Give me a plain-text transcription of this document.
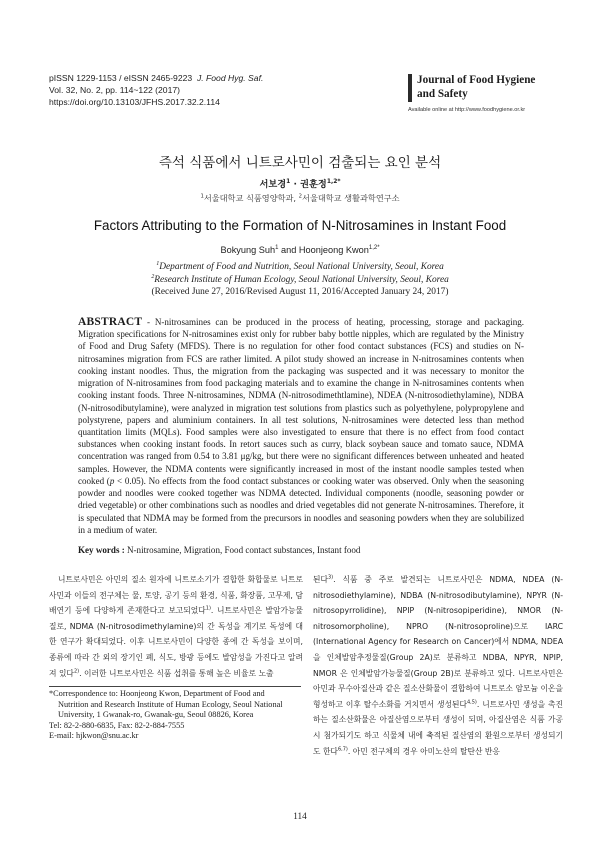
pISSN 1229-1153 / eISSN 2465-9223 J. Food Hyg. Saf.
Vol. 32, No. 2, pp. 114~122 (2017)
https://doi.org/10.13103/JFHS.2017.32.2.114
Journal of Food Hygiene
and Safety
Available online at http://www.foodhygiene.or.kr
즉석 식품에서 니트로사민이 검출되는 요인 분석
서보경$^1$ · 권훈정$^{1,2*}$
$^1$서울대학교 식품영양학과, $^2$서울대학교 생활과학연구소
Factors Attributing to the Formation of N-Nitrosamines in Instant Food
Bokyung Suh$^1$ and Hoonjeong Kwon$^{1,2*}$
$^1$Department of Food and Nutrition, Seoul National University, Seoul, Korea
$^2$Research Institute of Human Ecology, Seoul National University, Seoul, Korea
(Received June 27, 2016/Revised August 11, 2016/Accepted January 24, 2017)
ABSTRACT - N-nitrosamines can be produced in the process of heating, processing, storage and packaging. Migration specifications for N-nitrosamines exist only for rubber baby bottle nipples, which are regulated by the Ministry of Food and Drug Safety (MFDS). There is no regulation for other food contact substances (FCS) and studies on N-nitrosamines migration from FCS are rather limited. A pilot study showed an increase in N-nitrosamines contents when cooking instant noodles. Thus, the migration from the packaging was suspected and it was necessary to monitor the migration of N-nitrosamines from food packaging materials and to examine the change in N-nitrosamines contents when cooking instant foods. Three N-nitrosamines, NDMA (N-nitrosodimethtlamine), NDEA (N-nitrosodiethylamine), NDBA (N-nitrosodibutylamine), were analyzed in migration test solutions from plastics such as polyethylene, polypropylene and polystyrene, papers and aluminium containers. In all test solutions, N-nitrosamines were detected less than method quantitation limits (MQLs). Food samples were also investigated to ensure that there is no effect from food contact substances when cooking instant foods. In retort sauces such as curry, black soybean sauce and tomato sauce, NDMA concentration was ranged from 0.54 to 3.81 μg/kg, but there were no significant differences between unheated and heated samples. However, the NDMA contents were significantly increased in most of the instant noodle samples tested when cooked (p < 0.05). No effects from the food contact substances or cooking water was observed. Only when the seasoning powder and noodles were cooked together was NDMA detected. Individual components (noodle, seasoning powder or dried vegetable) or other combinations such as noodles and dried vegetables did not generate N-nitrosamines. Therefore, it is speculated that NDMA may be formed from the precursors in noodles and seasoning powders when they are solubilized in a medium of water.
Key words : N-nitrosamine, Migration, Food contact substances, Instant food
니트로사민은 아민의 질소 원자에 니트로소기가 결합한 화합물로 니트로사민과 이들의 전구체는 물, 토양, 공기 등의 환경, 식품, 화장품, 고무제, 담배연기 등에 다양하게 존재한다고 보고되었다$^{1)}$. 니트로사민은 발암가능물질로, NDMA (N-nitrosodimethylamine)의 간 독성을 계기로 독성에 대한 연구가 확대되었다. 이후 니트로사민이 다양한 종에 간 독성을 보이며, 종류에 따라 간 외의 장기인 폐, 식도, 방광 등에도 발암성을 가진다고 알려져 있다$^{2)}$. 이러한 니트로사민은 식품 섭취를 통해 높은 비율로 노출
된다$^{3)}$. 식품 중 주로 발견되는 니트로사민은 NDMA, NDEA (N-nitrosodiethylamine), NDBA (N-nitrosodibutylamine), NPYR (N-nitrosopyrrolidine), NPIP (N-nitrosopiperidine), NMOR (N-nitrosomorpholine), NPRO (N-nitrosoproline)으로 IARC (International Agency for Research on Cancer)에서 NDMA, NDEA을 인체발암추정물질(Group 2A)로 분류하고 NDBA, NPYR, NPIP, NMOR 은 인체발암가능물질(Group 2B)로 분류하고 있다. 니트로사민은 아민과 무수아질산과 같은 질소산화물이 결합하여 니트로소 암모늄 이온을 형성하고 이후 탈수소화를 거치면서 생성된다$^{4,5)}$. 니트로사민 생성을 촉진하는 질소산화물은 아질산염으로부터 생성이 되며, 아질산염은 식품 가공시 첨가되기도 하고 식물체 내에 축적된 질산염의 환원으로부터 생성되기도 한다$^{6,7)}$. 아민 전구체의 경우 아미노산의 탈탄산 반응
*Correspondence to: Hoonjeong Kwon, Department of Food and
Nutrition and Research Institute of Human Ecology, Seoul National
University, 1 Gwanak-ro, Gwanak-gu, Seoul 08826, Korea
Tel: 82-2-880-6835, Fax: 82-2-884-7555
E-mail: hjkwon@snu.ac.kr
114
